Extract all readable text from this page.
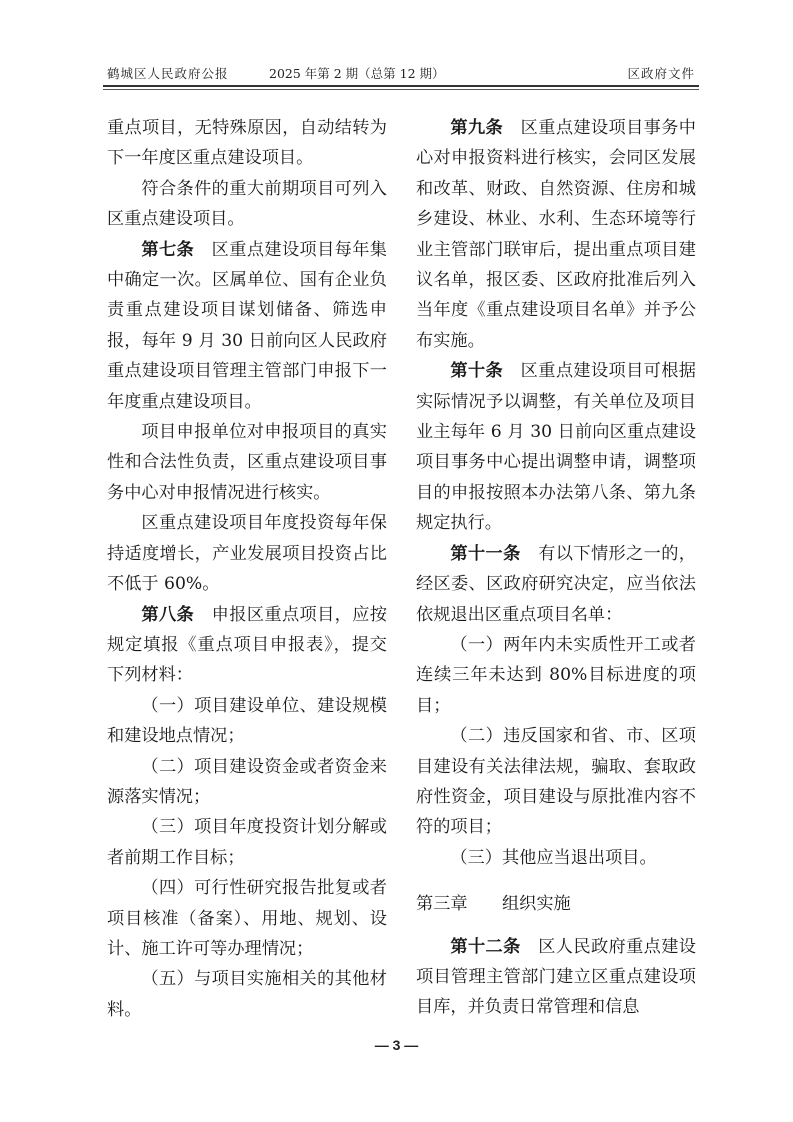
鹤城区人民政府公报	2025 年第 2 期（总第 12 期）	区政府文件

重点项目，无特殊原因，自动结转为下一年度区重点建设项目。

符合条件的重大前期项目可列入区重点建设项目。

第七条　区重点建设项目每年集中确定一次。区属单位、国有企业负责重点建设项目谋划储备、筛选申报，每年 9 月 30 日前向区人民政府重点建设项目管理主管部门申报下一年度重点建设项目。

项目申报单位对申报项目的真实性和合法性负责，区重点建设项目事务中心对申报情况进行核实。

区重点建设项目年度投资每年保持适度增长，产业发展项目投资占比不低于 60%。

第八条　申报区重点项目，应按规定填报《重点项目申报表》，提交下列材料：

（一）项目建设单位、建设规模和建设地点情况；

（二）项目建设资金或者资金来源落实情况；

（三）项目年度投资计划分解或者前期工作目标；

（四）可行性研究报告批复或者项目核准（备案）、用地、规划、设计、施工许可等办理情况；

（五）与项目实施相关的其他材料。

第九条　区重点建设项目事务中心对申报资料进行核实，会同区发展和改革、财政、自然资源、住房和城乡建设、林业、水利、生态环境等行业主管部门联审后，提出重点项目建议名单，报区委、区政府批准后列入当年度《重点建设项目名单》并予公布实施。

第十条　区重点建设项目可根据实际情况予以调整，有关单位及项目业主每年 6 月 30 日前向区重点建设项目事务中心提出调整申请，调整项目的申报按照本办法第八条、第九条规定执行。

第十一条　有以下情形之一的，经区委、区政府研究决定，应当依法依规退出区重点项目名单：

（一）两年内未实质性开工或者连续三年未达到 80%目标进度的项目；

（二）违反国家和省、市、区项目建设有关法律法规，骗取、套取政府性资金，项目建设与原批准内容不符的项目；

（三）其他应当退出项目。

第三章　　组织实施

第十二条　区人民政府重点建设项目管理主管部门建立区重点建设项目库，并负责日常管理和信息

— 3 —
